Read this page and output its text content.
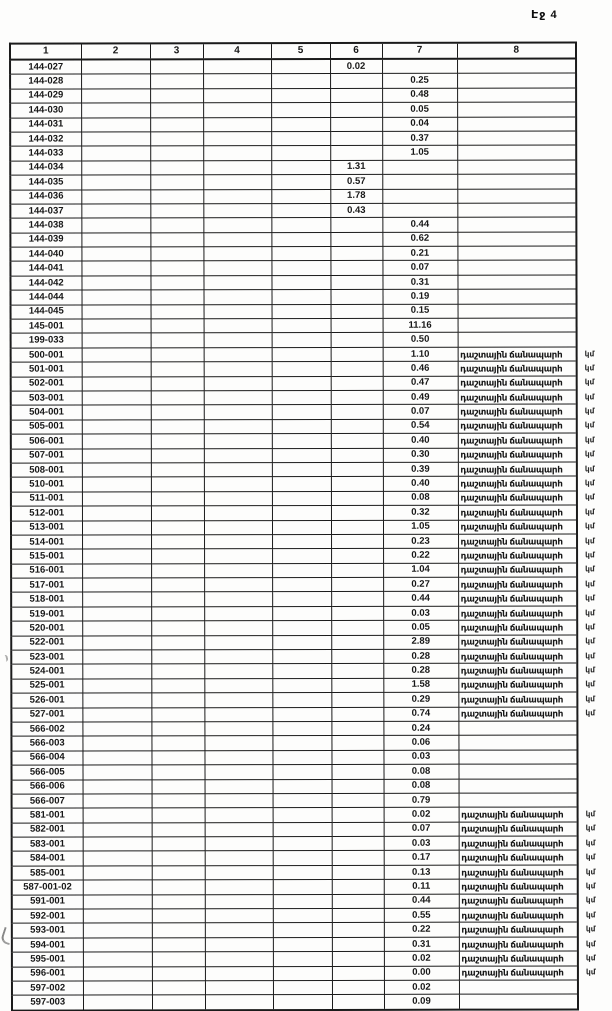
Էջ 4
1	2	3	4	5	6	7	8	
144-027					0.02			
144-028						0.25		
144-029						0.48		
144-030						0.05		
144-031						0.04		
144-032						0.37		
144-033						1.05		
144-034					1.31			
144-035					0.57			
144-036					1.78			
144-037					0.43			
144-038						0.44		
144-039						0.62		
144-040						0.21		
144-041						0.07		
144-042						0.31		
144-044						0.19		
144-045						0.15		
145-001						11.16		
199-033						0.50		
500-001						1.10	դաշտային ճանապարհ	կմ
501-001						0.46	դաշտային ճանապարհ	կմ
502-001						0.47	դաշտային ճանապարհ	կմ
503-001						0.49	դաշտային ճանապարհ	կմ
504-001						0.07	դաշտային ճանապարհ	կմ
505-001						0.54	դաշտային ճանապարհ	կմ
506-001						0.40	դաշտային ճանապարհ	կմ
507-001						0.30	դաշտային ճանապարհ	կմ
508-001						0.39	դաշտային ճանապարհ	կմ
510-001						0.40	դաշտային ճանապարհ	կմ
511-001						0.08	դաշտային ճանապարհ	կմ
512-001						0.32	դաշտային ճանապարհ	կմ
513-001						1.05	դաշտային ճանապարհ	կմ
514-001						0.23	դաշտային ճանապարհ	կմ
515-001						0.22	դաշտային ճանապարհ	կմ
516-001						1.04	դաշտային ճանապարհ	կմ
517-001						0.27	դաշտային ճանապարհ	կմ
518-001						0.44	դաշտային ճանապարհ	կմ
519-001						0.03	դաշտային ճանապարհ	կմ
520-001						0.05	դաշտային ճանապարհ	կմ
522-001						2.89	դաշտային ճանապարհ	կմ
523-001						0.28	դաշտային ճանապարհ	կմ
524-001						0.28	դաշտային ճանապարհ	կմ
525-001						1.58	դաշտային ճանապարհ	կմ
526-001						0.29	դաշտային ճանապարհ	կմ
527-001						0.74	դաշտային ճանապարհ	կմ
566-002						0.24		
566-003						0.06		
566-004						0.03		
566-005						0.08		
566-006						0.08		
566-007						0.79		
581-001						0.02	դաշտային ճանապարհ	կմ
582-001						0.07	դաշտային ճանապարհ	կմ
583-001						0.03	դաշտային ճանապարհ	կմ
584-001						0.17	դաշտային ճանապարհ	կմ
585-001						0.13	դաշտային ճանապարհ	կմ
587-001-02						0.11	դաշտային ճանապարհ	կմ
591-001						0.44	դաշտային ճանապարհ	կմ
592-001						0.55	դաշտային ճանապարհ	կմ
593-001						0.22	դաշտային ճանապարհ	կմ
594-001						0.31	դաշտային ճանապարհ	կմ
595-001						0.02	դաշտային ճանապարհ	կմ
596-001						0.00	դաշտային ճանապարհ	կմ
597-002						0.02		
597-003						0.09		
